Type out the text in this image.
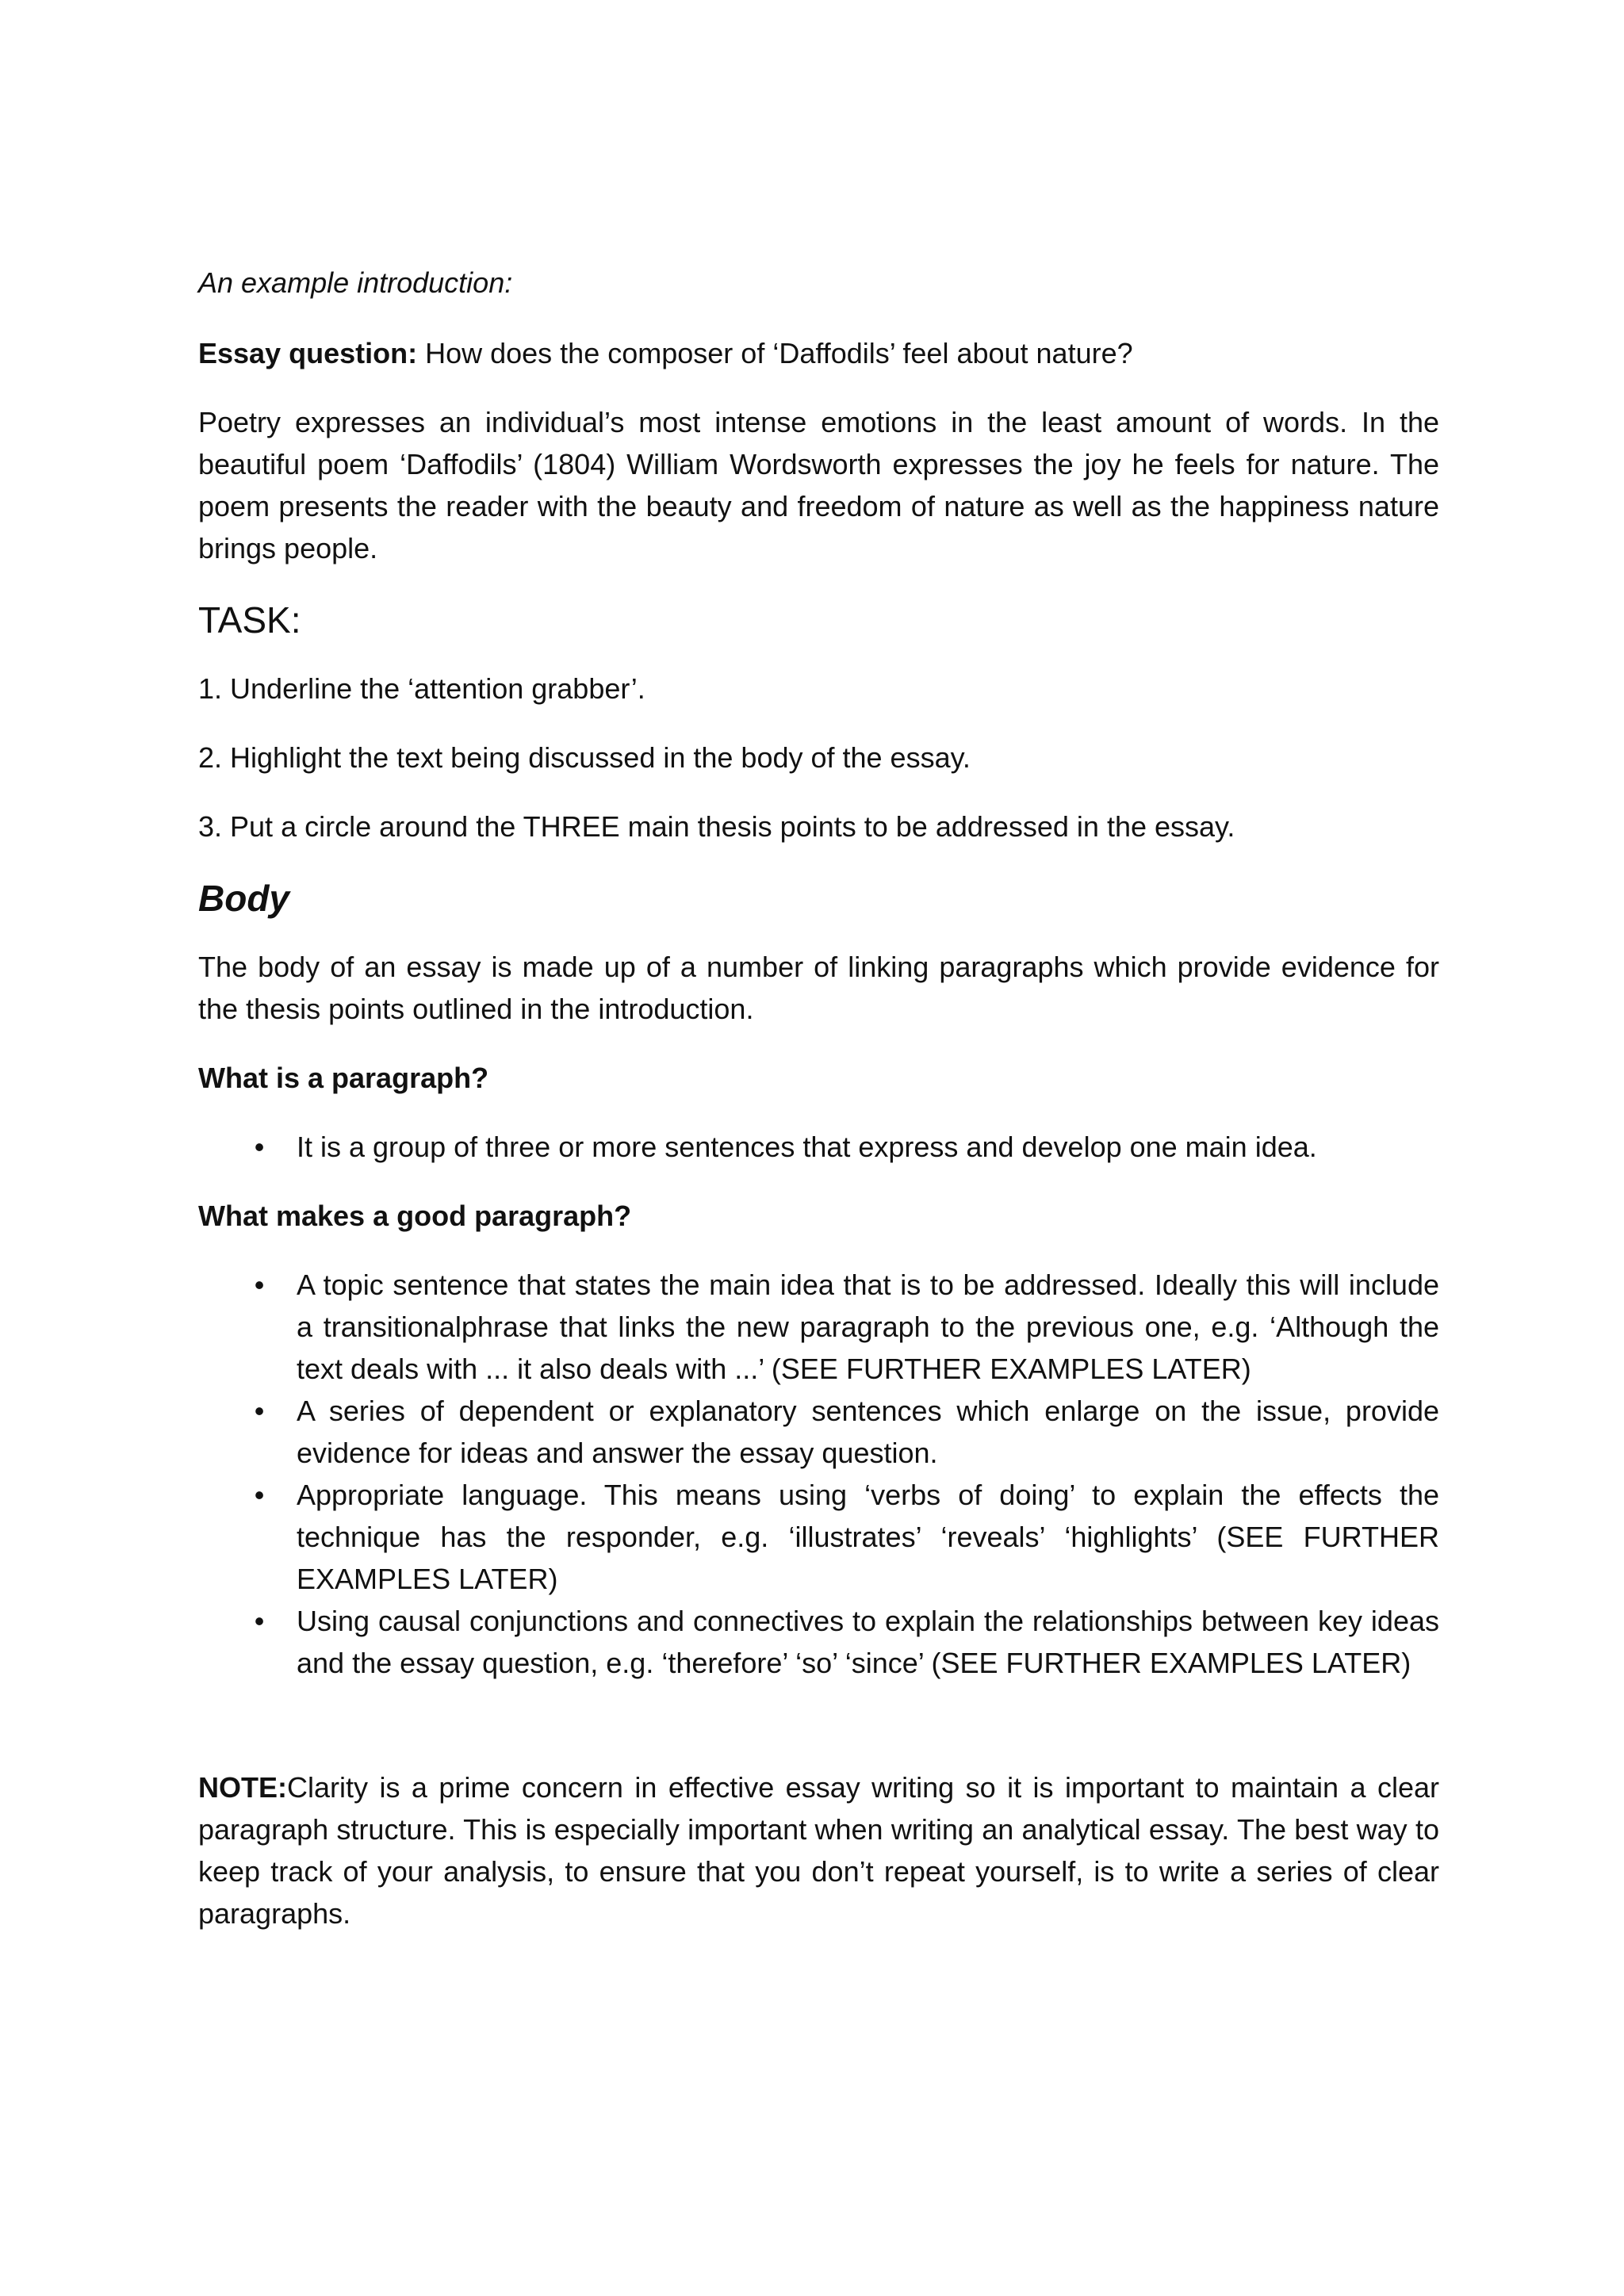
An example introduction:

Essay question: How does the composer of ‘Daffodils’ feel about nature?

Poetry expresses an individual’s most intense emotions in the least amount of words. In the beautiful poem ‘Daffodils’ (1804) William Wordsworth expresses the joy he feels for nature. The poem presents the reader with the beauty and freedom of nature as well as the happiness nature brings people.

TASK:

1. Underline the ‘attention grabber’.

2. Highlight the text being discussed in the body of the essay.

3. Put a circle around the THREE main thesis points to be addressed in the essay.

Body

The body of an essay is made up of a number of linking paragraphs which provide evidence for the thesis points outlined in the introduction.

What is a paragraph?

• It is a group of three or more sentences that express and develop one main idea.

What makes a good paragraph?

• A topic sentence that states the main idea that is to be addressed. Ideally this will include a transitionalphrase that links the new paragraph to the previous one, e.g. ‘Although the text deals with ... it also deals with ...’ (SEE FURTHER EXAMPLES LATER)
• A series of dependent or explanatory sentences which enlarge on the issue, provide evidence for ideas and answer the essay question.
• Appropriate language. This means using ‘verbs of doing’ to explain the effects the technique has the responder, e.g. ‘illustrates’ ‘reveals’ ‘highlights’ (SEE FURTHER EXAMPLES LATER)
• Using causal conjunctions and connectives to explain the relationships between key ideas and the essay question, e.g. ‘therefore’ ‘so’ ‘since’ (SEE FURTHER EXAMPLES LATER)

NOTE:Clarity is a prime concern in effective essay writing so it is important to maintain a clear paragraph structure. This is especially important when writing an analytical essay. The best way to keep track of your analysis, to ensure that you don’t repeat yourself, is to write a series of clear paragraphs.
